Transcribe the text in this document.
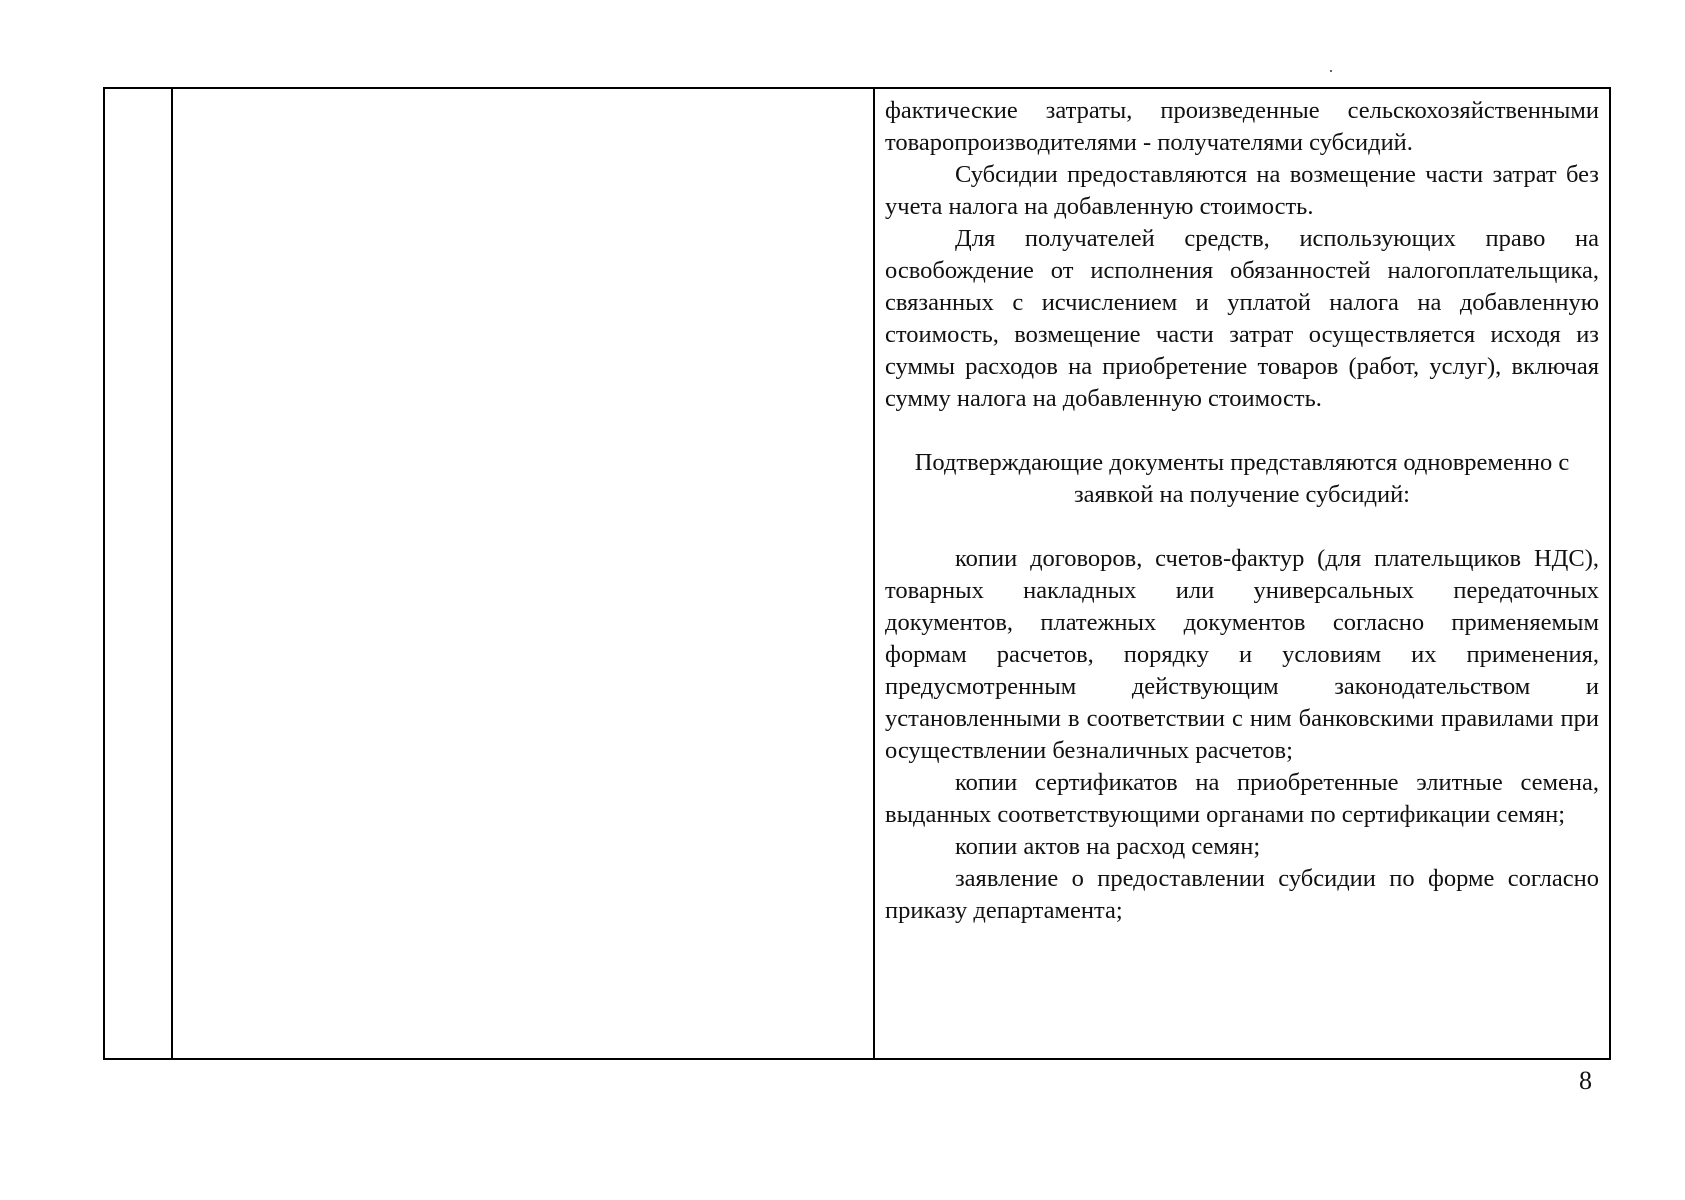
фактические затраты, произведенные сельскохозяйственными товаропроизводителями - получателями субсидий.

Субсидии предоставляются на возмещение части затрат без учета налога на добавленную стоимость.

Для получателей средств, использующих право на освобождение от исполнения обязанностей налогоплательщика, связанных с исчислением и уплатой налога на добавленную стоимость, возмещение части затрат осуществляется исходя из суммы расходов на приобретение товаров (работ, услуг), включая сумму налога на добавленную стоимость.

Подтверждающие документы представляются одновременно с заявкой на получение субсидий:

копии договоров, счетов-фактур (для плательщиков НДС), товарных накладных или универсальных передаточных документов, платежных документов согласно применяемым формам расчетов, порядку и условиям их применения, предусмотренным действующим законодательством и установленными в соответствии с ним банковскими правилами при осуществлении безналичных расчетов;

копии сертификатов на приобретенные элитные семена, выданных соответствующими органами по сертификации семян;

копии актов на расход семян;

заявление о предоставлении субсидии по форме согласно приказу департамента;

8
